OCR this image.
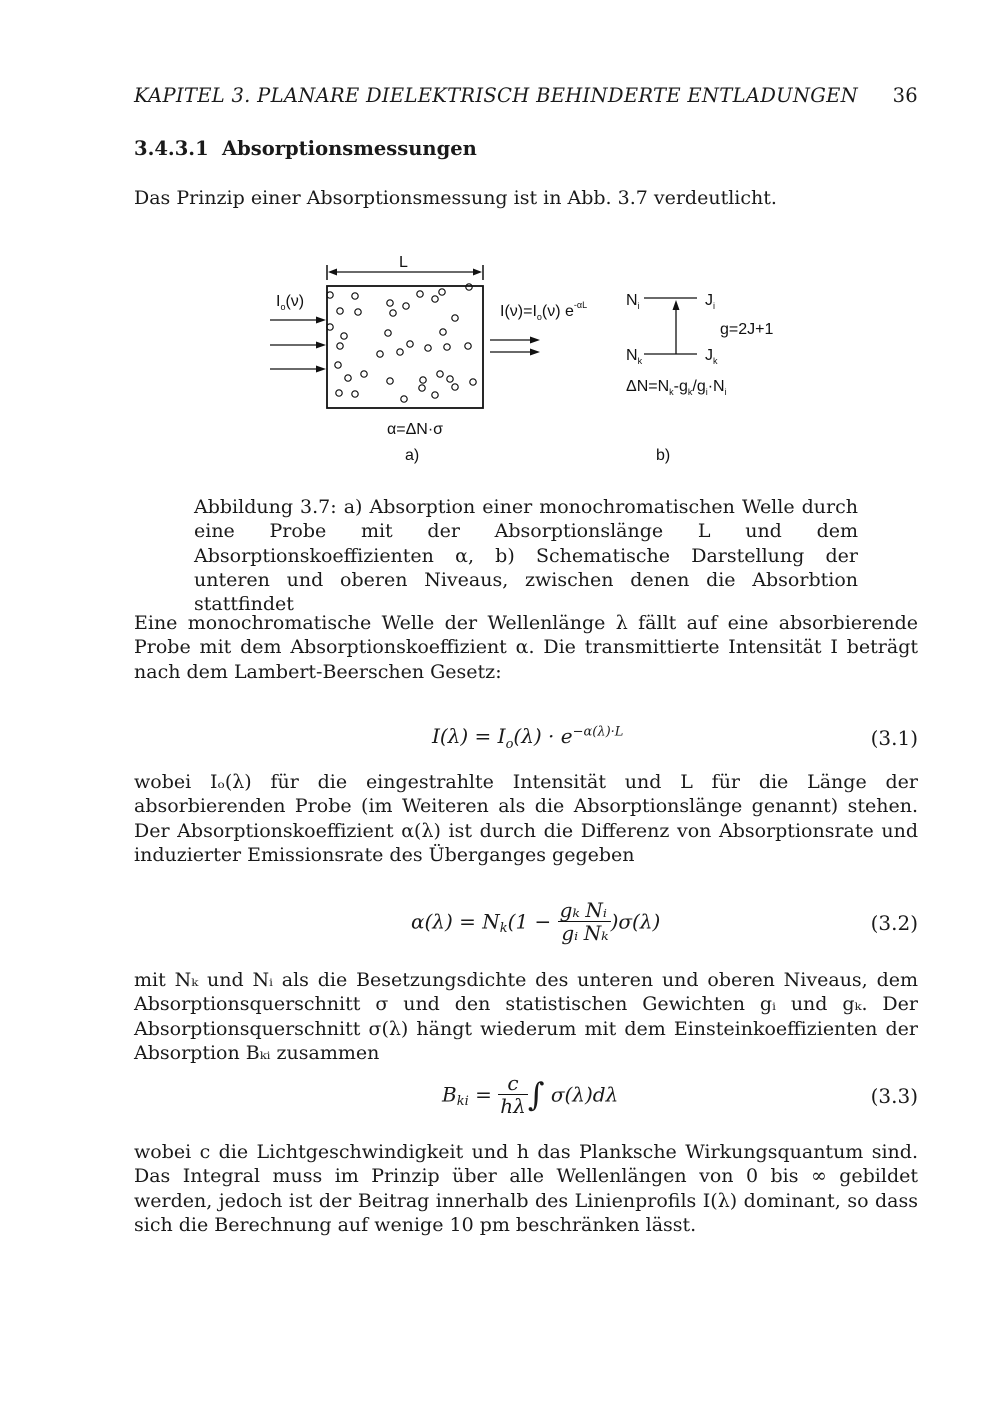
KAPITEL 3. PLANARE DIELEKTRISCH BEHINDERTE ENTLADUNGEN 36
3.4.3.1 Absorptionsmessungen
Das Prinzip einer Absorptionsmessung ist in Abb. 3.7 verdeutlicht.
L
$I_o(\nu)$
$I(\nu)=I_o(\nu)$ $e^{-\alpha L}$
α=ΔN·σ
a)
$N_i$	$J_i$
g=2J+1
$N_k$	$J_k$
$\Delta N=N_k-g_k/g_i\cdot N_i$
b)
Abbildung 3.7: a) Absorption einer monochromatischen Welle durch eine Probe mit der Absorptionslänge L und dem Absorptionskoeffizienten α, b) Schematische Darstellung der unteren und oberen Niveaus, zwischen denen die Absorbtion stattfindet
Eine monochromatische Welle der Wellenlänge λ fällt auf eine absorbierende Probe mit dem Absorptionskoeffizient α. Die transmittierte Intensität I beträgt nach dem Lambert-Beerschen Gesetz:
$I(\lambda) = I_o(\lambda) \cdot e^{-\alpha(\lambda)\cdot L}$	(3.1)
wobei Iₒ(λ) für die eingestrahlte Intensität und L für die Länge der absorbierenden Probe (im Weiteren als die Absorptionslänge genannt) stehen. Der Absorptionskoeffizient α(λ) ist durch die Differenz von Absorptionsrate und induzierter Emissionsrate des Überganges gegeben
$\alpha(\lambda) = N_k(1 - \frac{\text{gₖ}}{\text{gᵢ}} \frac{\text{Nᵢ}}{\text{Nₖ}} )\sigma(\lambda)$	(3.2)
mit Nₖ und Nᵢ als die Besetzungsdichte des unteren und oberen Niveaus, dem Absorptionsquerschnitt σ und den statistischen Gewichten gᵢ und gₖ. Der Absorptionsquerschnitt σ(λ) hängt wiederum mit dem Einsteinkoeffizienten der Absorption Bₖᵢ zusammen
$B_{ki} = \frac{c}{h\lambda}$ ∫ σ(λ)dλ	(3.3)
wobei c die Lichtgeschwindigkeit und h das Planksche Wirkungsquantum sind. Das Integral muss im Prinzip über alle Wellenlängen von 0 bis ∞ gebildet werden, jedoch ist der Beitrag innerhalb des Linienprofils I(λ) dominant, so dass sich die Berechnung auf wenige 10 pm beschränken lässt.
